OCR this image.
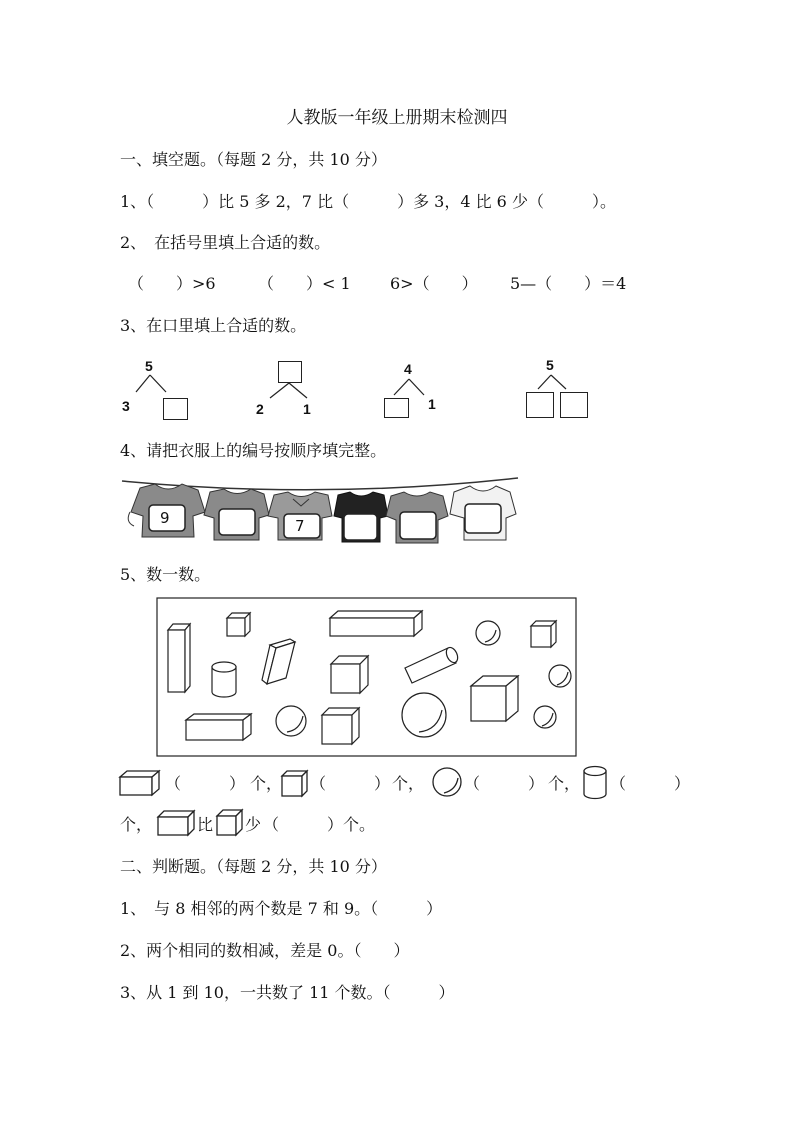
人教版一年级上册期末检测四
一、填空题。（每题 2 分，共 10 分）
1、（　　　）比 5 多 2，7 比（　　　）多 3，4 比 6 少（　　　）。
2、　在括号里填上合适的数。
（　　）>6	（　　）< 1 6>（　　） 5—（　　）＝4
3、在口里填上合适的数。
5
3	2	1
4
1
5
4、请把衣服上的编号按顺序填完整。
9	7
5、数一数。
（　　　） 个， （　　　） 个， （　　　） 个， （　　　）
个，	比 少 （　　　） 个。
二、判断题。（每题 2 分，共 10 分）
1、　与 8 相邻的两个数是 7 和 9。（　　　）
2、两个相同的数相减，差是 0。（　　）
3、从 1 到 10，一共数了 11 个数。（　　　）
